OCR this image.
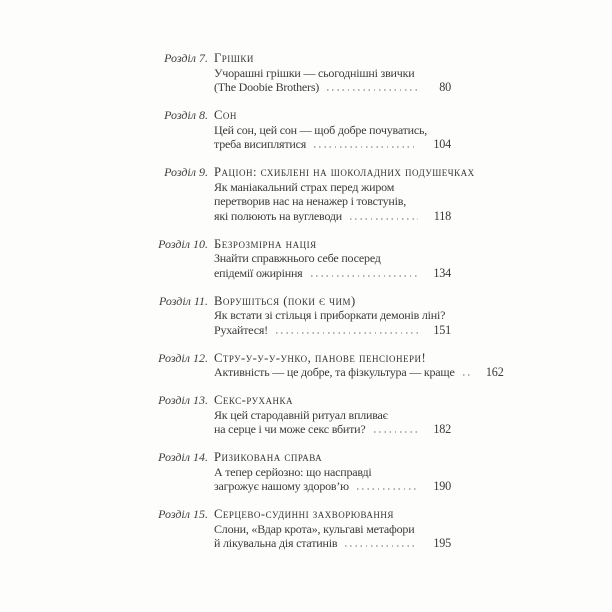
Розділ 7. Грішки
Учорашні грішки — сьогоднішні звички
(The Doobie Brothers)	80
Розділ 8. Сон
Цей сон, цей сон — щоб добре почуватись,
треба висиплятися	104
Розділ 9. Раціон: схиблені на шоколадних подушечках
Як маніакальний страх перед жиром
перетворив нас на ненажер і товстунів,
які полюють на вуглеводи	118
Розділ 10. Безрозмірна нація
Знайти справжнього себе посеред
епідемії ожиріння	134
Розділ 11. Ворушіться (поки є чим)
Як встати зі стільця і приборкати демонів ліні?
Рухайтеся!	151
Розділ 12. Стру-у-у-у-унко, панове пенсіонери!
Активність — це добре, та фізкультура — краще	162
Розділ 13. Секс-руханка
Як цей стародавній ритуал впливає
на серце і чи може секс вбити?	182
Розділ 14. Ризикована справа
А тепер серйозно: що насправді
загрожує нашому здоров’ю	190
Розділ 15. Серцево-судинні захворювання
Слони, «Вдар крота», кульгаві метафори
й лікувальна дія статинів	195
